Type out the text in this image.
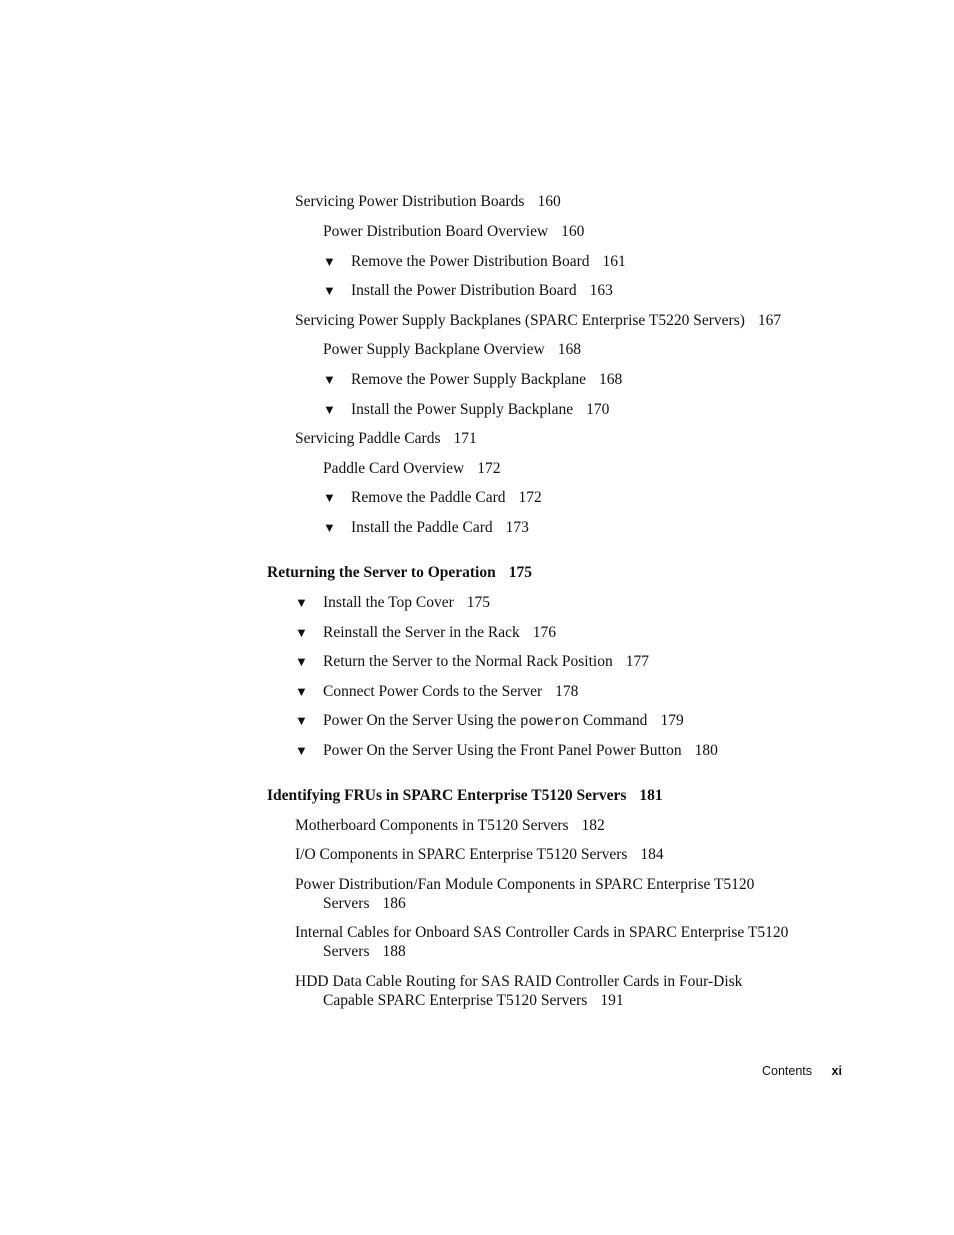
Servicing Power Distribution Boards 160
Power Distribution Board Overview 160
▼ Remove the Power Distribution Board 161
▼ Install the Power Distribution Board 163
Servicing Power Supply Backplanes (SPARC Enterprise T5220 Servers) 167
Power Supply Backplane Overview 168
▼ Remove the Power Supply Backplane 168
▼ Install the Power Supply Backplane 170
Servicing Paddle Cards 171
Paddle Card Overview 172
▼ Remove the Paddle Card 172
▼ Install the Paddle Card 173
Returning the Server to Operation 175
▼ Install the Top Cover 175
▼ Reinstall the Server in the Rack 176
▼ Return the Server to the Normal Rack Position 177
▼ Connect Power Cords to the Server 178
▼ Power On the Server Using the poweron Command 179
▼ Power On the Server Using the Front Panel Power Button 180
Identifying FRUs in SPARC Enterprise T5120 Servers 181
Motherboard Components in T5120 Servers 182
I/O Components in SPARC Enterprise T5120 Servers 184
Power Distribution/Fan Module Components in SPARC Enterprise T5120
Servers 186
Internal Cables for Onboard SAS Controller Cards in SPARC Enterprise T5120
Servers 188
HDD Data Cable Routing for SAS RAID Controller Cards in Four-Disk
Capable SPARC Enterprise T5120 Servers 191
Contents xi
